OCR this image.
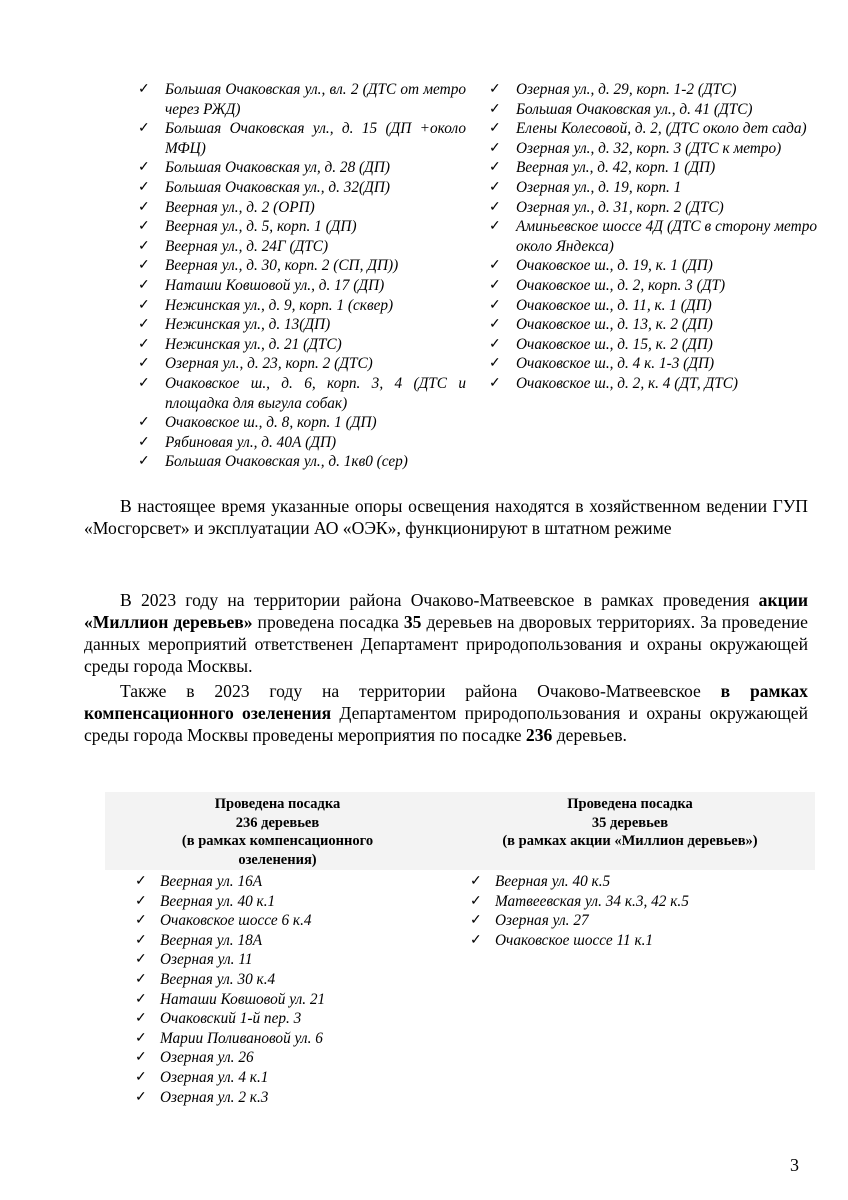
✓ Большая Очаковская ул., вл. 2 (ДТС от метро через РЖД)
✓ Большая Очаковская ул., д. 15 (ДП +около МФЦ)
✓ Большая Очаковская ул, д. 28 (ДП)
✓ Большая Очаковская ул., д. 32(ДП)
✓ Веерная ул., д. 2 (ОРП)
✓ Веерная ул., д. 5, корп. 1 (ДП)
✓ Веерная ул., д. 24Г (ДТС)
✓ Веерная ул., д. 30, корп. 2 (СП, ДП))
✓ Наташи Ковшовой ул., д. 17 (ДП)
✓ Нежинская ул., д. 9, корп. 1 (сквер)
✓ Нежинская ул., д. 13(ДП)
✓ Нежинская ул., д. 21 (ДТС)
✓ Озерная ул., д. 23, корп. 2 (ДТС)
✓ Очаковское ш., д. 6, корп. 3, 4 (ДТС и площадка для выгула собак)
✓ Очаковское ш., д. 8, корп. 1 (ДП)
✓ Рябиновая ул., д. 40А (ДП)
✓ Большая Очаковская ул., д. 1кв0 (сер)
✓ Озерная ул., д. 29, корп. 1-2 (ДТС)
✓ Большая Очаковская ул., д. 41 (ДТС)
✓ Елены Колесовой, д. 2, (ДТС около дет сада)
✓ Озерная ул., д. 32, корп. 3 (ДТС к метро)
✓ Веерная ул., д. 42, корп. 1 (ДП)
✓ Озерная ул., д. 19, корп. 1
✓ Озерная ул., д. 31, корп. 2 (ДТС)
✓ Аминьевское шоссе 4Д (ДТС в сторону метро около Яндекса)
✓ Очаковское ш., д. 19, к. 1 (ДП)
✓ Очаковское ш., д. 2, корп. 3 (ДТ)
✓ Очаковское ш., д. 11, к. 1 (ДП)
✓ Очаковское ш., д. 13, к. 2 (ДП)
✓ Очаковское ш., д. 15, к. 2 (ДП)
✓ Очаковское ш., д. 4 к. 1-3 (ДП)
✓ Очаковское ш., д. 2, к. 4 (ДТ, ДТС)

В настоящее время указанные опоры освещения находятся в хозяйственном ведении ГУП «Мосгорсвет» и эксплуатации АО «ОЭК», функционируют в штатном режиме

В 2023 году на территории района Очаково-Матвеевское в рамках проведения акции «Миллион деревьев» проведена посадка 35 деревьев на дворовых территориях. За проведение данных мероприятий ответственен Департамент природопользования и охраны окружающей среды города Москвы.

Также в 2023 году на территории района Очаково-Матвеевское в рамках компенсационного озеленения Департаментом природопользования и охраны окружающей среды города Москвы проведены мероприятия по посадке 236 деревьев.

Проведена посадка
236 деревьев
(в рамках компенсационного
озеленения)
Проведена посадка
35 деревьев
(в рамках акции «Миллион деревьев»)
✓ Веерная ул. 16А
✓ Веерная ул. 40 к.1
✓ Очаковское шоссе 6 к.4
✓ Веерная ул. 18А
✓ Озерная ул. 11
✓ Веерная ул. 30 к.4
✓ Наташи Ковшовой ул. 21
✓ Очаковский 1-й пер. 3
✓ Марии Поливановой ул. 6
✓ Озерная ул. 26
✓ Озерная ул. 4 к.1
✓ Озерная ул. 2 к.3
✓ Веерная ул. 40 к.5
✓ Матвеевская ул. 34 к.3, 42 к.5
✓ Озерная ул. 27
✓ Очаковское шоссе 11 к.1
3
